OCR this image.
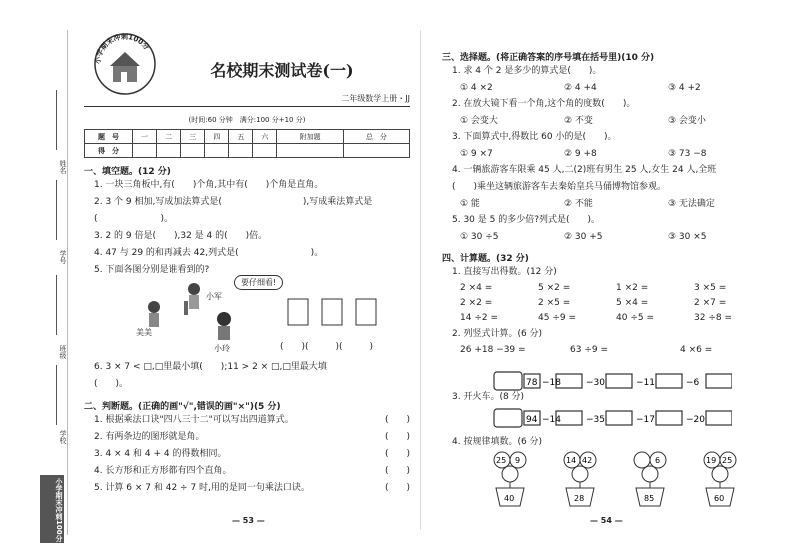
姓名
学号
班级
学校
小学期末冲刺100分
小学期末冲刺100分
名校期末测试卷(一)
二年级数学上册・JJ
(时间:60 分钟　满分:100 分+10 分)
题　号	一	二	三	四	五	六	附加题	总　分
得　分								
一、填空题。(12 分)
1. 一块三角板中,有(　　)个角,其中有(　　)个角是直角。
2. 3 个 9 相加,写成加法算式是(　　　　　　　　　),写成乘法算式是
(　　　　　　　)。
3. 2 的 9 倍是(　　),32 是 4 的(　　)倍。
4. 47 与 29 的和再减去 42,列式是(　　　　　　　　)。
5. 下面各图分别是谁看到的?
要仔细看!
小军
美美
小玲	(　　)(　　　)(　　　)
6. 3 × 7 < □,□里最小填(　　);11 > 2 × □,□里最大填
(　　)。
二、判断题。(正确的画"√",错误的画"×")(5 分)
1. 根据乘法口诀"四八三十二"可以写出四道算式。	(　　)
2. 有两条边的图形就是角。	(　　)
3. 4 × 4 和 4 + 4 的得数相同。	(　　)
4. 长方形和正方形都有四个直角。	(　　)
5. 计算 6 × 7 和 42 ÷ 7 时,用的是同一句乘法口诀。	(　　)
— 53 —
三、选择题。(将正确答案的序号填在括号里)(10 分)
1. 求 4 个 2 是多少的算式是(　　)。
① 4 ×2	② 4 +4	③ 4 +2
2. 在放大镜下看一个角,这个角的度数(　　)。
① 会变大	② 不变	③ 会变小
3. 下面算式中,得数比 60 小的是(　　)。
① 9 ×7	② 9 +8	③ 73 −8
4. 一辆旅游客车限乘 45 人,二(2)班有男生 25 人,女生 24 人,全班
(　　)乘坐这辆旅游客车去秦始皇兵马俑博物馆参观。
① 能	② 不能	③ 无法确定
5. 30 是 5 的多少倍?列式是(　　)。
① 30 ÷5	② 30 +5	③ 30 ×5
四、计算题。(32 分)
1. 直接写出得数。(12 分)
2 ×4 =	5 ×2 =	1 ×2 =	3 ×5 =
2 ×2 =	2 ×5 =	5 ×4 =	2 ×7 =
14 ÷2 =	45 ÷9 =	40 ÷5 =	32 ÷8 =
2. 列竖式计算。(6 分)
26 +18 −39 =	63 ÷9 =	4 ×6 =
3. 开火车。(8 分)
78 −18	−30	−11	−6
94 −14	−35	−17	−20
4. 按规律填数。(6 分)
25 9
40
14 42
28
6
85
19 25
60
— 54 —
